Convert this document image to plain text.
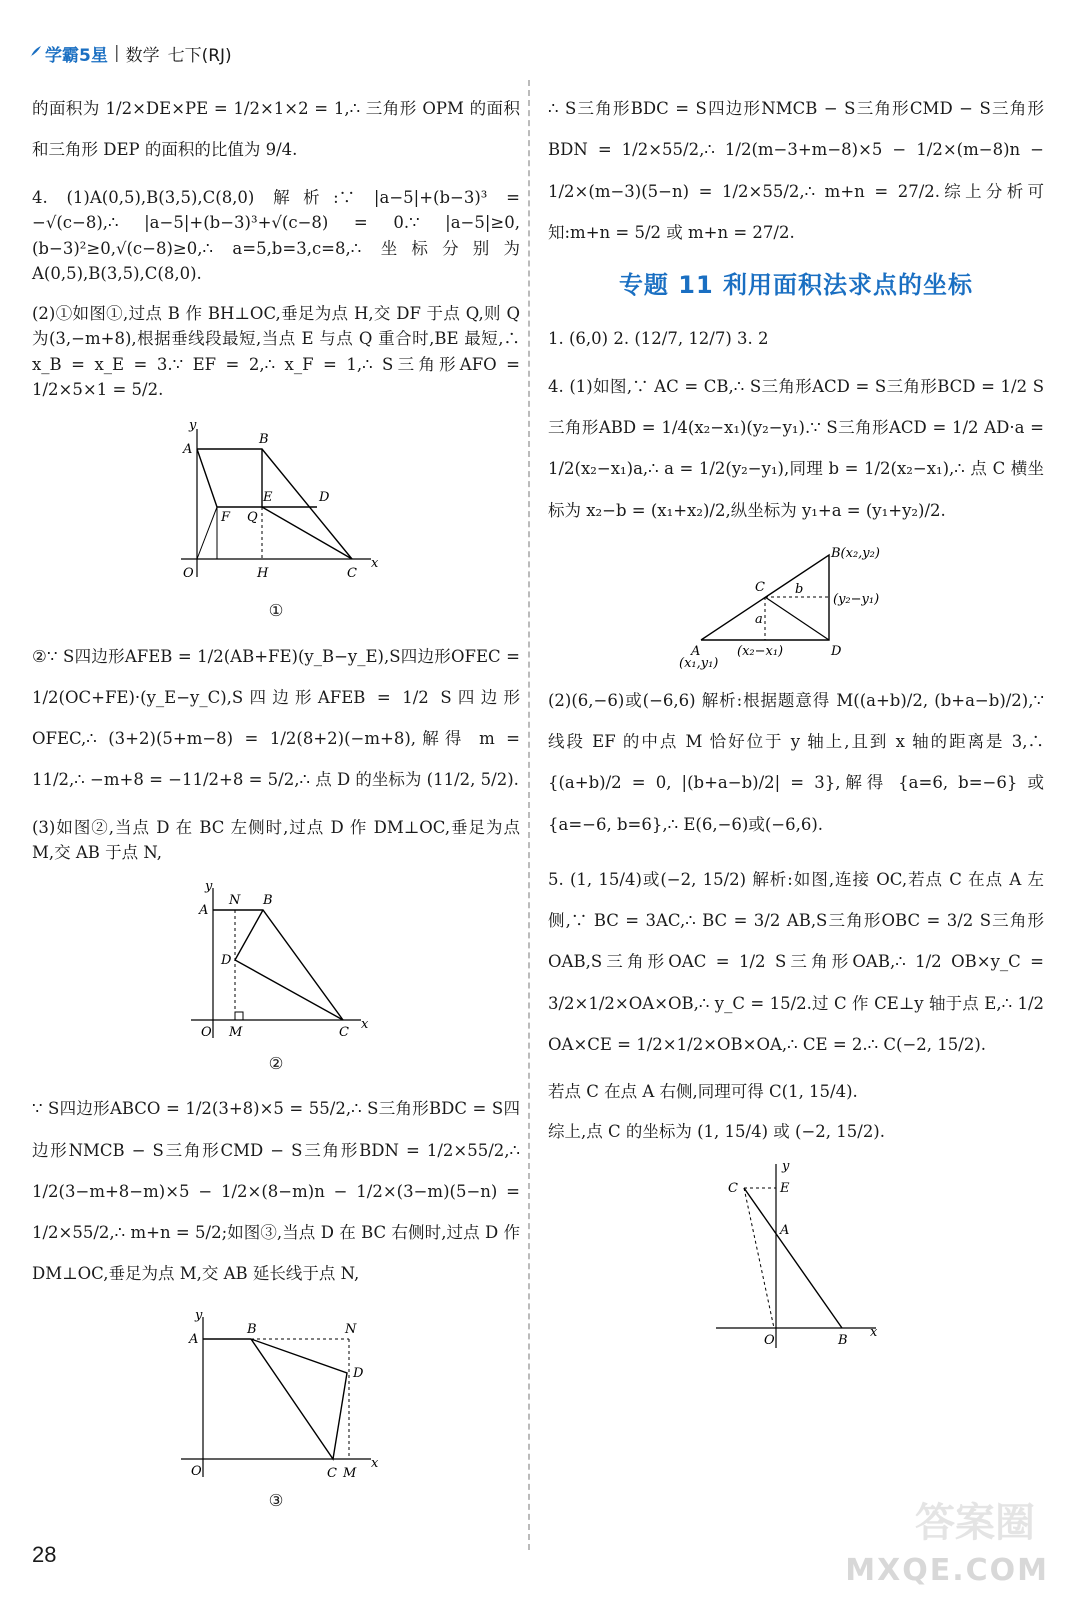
学霸5星 | 数学 七下(RJ)

的面积为 1/2×DE×PE = 1/2×1×2 = 1,∴ 三角形 OPM 的面积和三角形 DEP 的面积的比值为 9/4.

4. (1)A(0,5),B(3,5),C(8,0) 解析:∵ |a−5|+(b−3)³ = −√(c−8),∴ |a−5|+(b−3)³+√(c−8) = 0.∵ |a−5|≥0,(b−3)²≥0,√(c−8)≥0,∴ a=5,b=3,c=8,∴ 坐标分别为A(0,5),B(3,5),C(8,0).

(2)①如图①,过点 B 作 BH⊥OC,垂足为点 H,交 DF 于点 Q,则 Q 为(3,−m+8),根据垂线段最短,当点 E 与点 Q 重合时,BE 最短,∴ x_B = x_E = 3.∵ EF = 2,∴ x_F = 1,∴ S三角形AFO = 1/2×5×1 = 5/2.

y
x
A
B
D
E
F Q
O	H	C
①

②∵ S四边形AFEB = 1/2(AB+FE)(y_B−y_E),S四边形OFEC = 1/2(OC+FE)·(y_E−y_C),S四边形AFEB = 1/2 S四边形OFEC,∴ (3+2)(5+m−8) = 1/2(8+2)(−m+8),解得 m = 11/2,∴ −m+8 = −11/2+8 = 5/2,∴ 点 D 的坐标为 (11/2, 5/2).

(3)如图②,当点 D 在 BC 左侧时,过点 D 作 DM⊥OC,垂足为点 M,交 AB 于点 N,

y
x
A
N B
D
O M	C
②

∵ S四边形ABCO = 1/2(3+8)×5 = 55/2,∴ S三角形BDC = S四边形NMCB − S三角形CMD − S三角形BDN = 1/2×55/2,∴ 1/2(3−m+8−m)×5 − 1/2×(8−m)n − 1/2×(3−m)(5−n) = 1/2×55/2,∴ m+n = 5/2;如图③,当点 D 在 BC 右侧时,过点 D 作 DM⊥OC,垂足为点 M,交 AB 延长线于点 N,

y
x
A
B	N
D
O	C M
③

∴ S三角形BDC = S四边形NMCB − S三角形CMD − S三角形BDN = 1/2×55/2,∴ 1/2(m−3+m−8)×5 − 1/2×(m−8)n − 1/2×(m−3)(5−n) = 1/2×55/2,∴ m+n = 27/2.综上分析可知:m+n = 5/2 或 m+n = 27/2.

专题 11 利用面积法求点的坐标

1. (6,0) 2. (12/7, 12/7) 3. 2

4. (1)如图,∵ AC = CB,∴ S三角形ACD = S三角形BCD = 1/2 S三角形ABD = 1/4(x₂−x₁)(y₂−y₁).∵ S三角形ACD = 1/2 AD·a = 1/2(x₂−x₁)a,∴ a = 1/2(y₂−y₁),同理 b = 1/2(x₂−x₁),∴ 点 C 横坐标为 x₂−b = (x₁+x₂)/2,纵坐标为 y₁+a = (y₁+y₂)/2.

B(x₂,y₂)
C b
(y₂−y₁)
a
A
(x₁,y₁)
(x₂−x₁)	D

(2)(6,−6)或(−6,6) 解析:根据题意得 M((a+b)/2, (b+a−b)/2),∵ 线段 EF 的中点 M 恰好位于 y 轴上,且到 x 轴的距离是 3,∴ {(a+b)/2 = 0, |(b+a−b)/2| = 3},解得 {a=6, b=−6} 或 {a=−6, b=6},∴ E(6,−6)或(−6,6).

5. (1, 15/4)或(−2, 15/2) 解析:如图,连接 OC,若点 C 在点 A 左侧,∵ BC = 3AC,∴ BC = 3/2 AB,S三角形OBC = 3/2 S三角形OAB,S三角形OAC = 1/2 S三角形OAB,∴ 1/2 OB×y_C = 3/2×1/2×OA×OB,∴ y_C = 15/2.过 C 作 CE⊥y 轴于点 E,∴ 1/2 OA×CE = 1/2×1/2×OB×OA,∴ CE = 2.∴ C(−2, 15/2).

若点 C 在点 A 右侧,同理可得 C(1, 15/4).

综上,点 C 的坐标为 (1, 15/4) 或 (−2, 15/2).

y
x
C	E
A
O	B
28
答案圈
MXQE.COM
